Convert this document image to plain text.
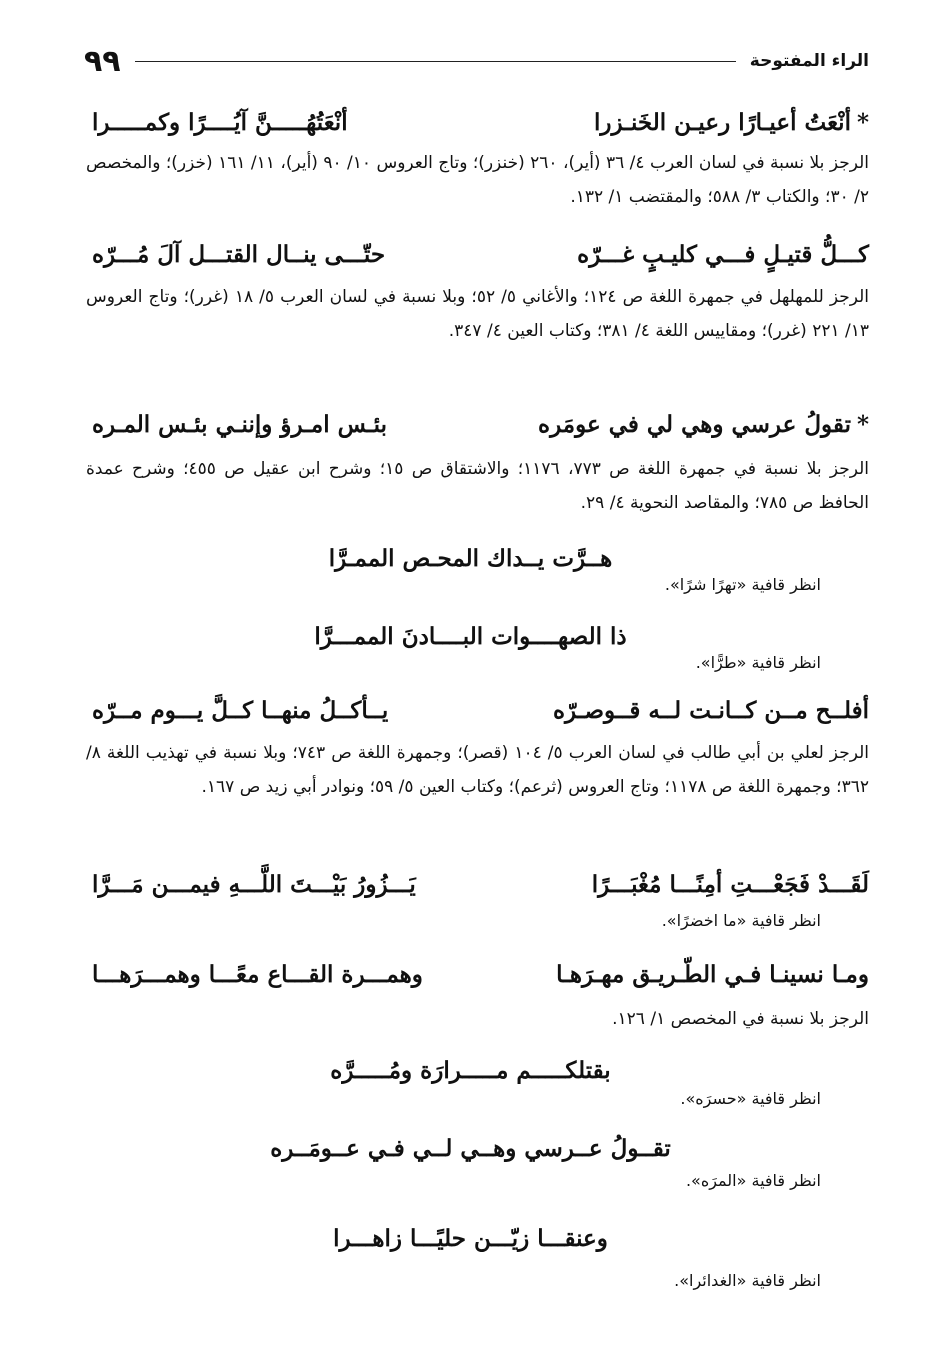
الراء المفتوحة
٩٩
*أنْعَتُ أعيـارًا رعيـن الخَنـزرا
أنْعَتُهُـــــنَّ آيُــــرًا وكمـــــرا
الرجز بلا نسبة في لسان العرب ٤/ ٣٦ (أير)، ٢٦٠ (خنزر)؛ وتاج العروس ١٠/ ٩٠ (أير)، ١١/ ١٦١ (خزر)؛ والمخصص ٢/ ٣٠؛ والكتاب ٣/ ٥٨٨؛ والمقتضب ١/ ١٣٢.
كـــلُّ قتيـلٍ فـــي كليـبٍ غـــرّه
حتّـــى ينــال القتـــل آلَ مُـــرّه
الرجز للمهلهل في جمهرة اللغة ص ١٢٤؛ والأغاني ٥/ ٥٢؛ وبلا نسبة في لسان العرب ٥/ ١٨ (غرر)؛ وتاج العروس ١٣/ ٢٢١ (غرر)؛ ومقاييس اللغة ٤/ ٣٨١؛ وكتاب العين ٤/ ٣٤٧.
*تقولُ عرسي وهي لي في عومَره
بئـس امـرؤ وإننـي بئـس المـره
الرجز بلا نسبة في جمهرة اللغة ص ٧٧٣، ١١٧٦؛ والاشتقاق ص ١٥؛ وشرح ابن عقيل ص ٤٥٥؛ وشرح عمدة الحافظ ص ٧٨٥؛ والمقاصد النحوية ٤/ ٢٩.
هــرَّت يــداك المحـص الممـرَّا
انظر قافية «تهرًا شرًا».
ذا الصهــــوات البــــادنَ الممـــرَّا
انظر قافية «طرًّا».
أفلــح مــن كــانـت لــه قــوصـرّه
يــأكــلُ منهــا كــلَّ يـــوم مــرّه
الرجز لعلي بن أبي طالب في لسان العرب ٥/ ١٠٤ (قصر)؛ وجمهرة اللغة ص ٧٤٣؛ وبلا نسبة في تهذيب اللغة ٨/ ٣٦٢؛ وجمهرة اللغة ص ١١٧٨؛ وتاج العروس (ثرعم)؛ وكتاب العين ٥/ ٥٩؛ ونوادر أبي زيد ص ١٦٧.
لَقَـــدْ فَجَعْـــتِ أمِنًـــا مُغْبَـــرًا
يَـــزُورُ بَيْـــتَ اللَّـــهِ فيمـــن مَـــرَّا
انظر قافية «ما اخضرًا».
ومـا نسينـا فـي الطّـريـق مهـرَهـا
وهمـــرة القـــاع معًـــا وهمـــرَهـــا
الرجز بلا نسبة في المخصص ١/ ١٢٦.
بقتلكـــــم مـــــرارَة ومُـــــرَّه
انظر قافية «حسرَه».
تقــولُ عــرسي وهــي لــي فـي عــومَــره
انظر قافية «المرَه».
وعنقـــا زيّـــن حليًـــا زاهـــرا
انظر قافية «الغدائرا».
